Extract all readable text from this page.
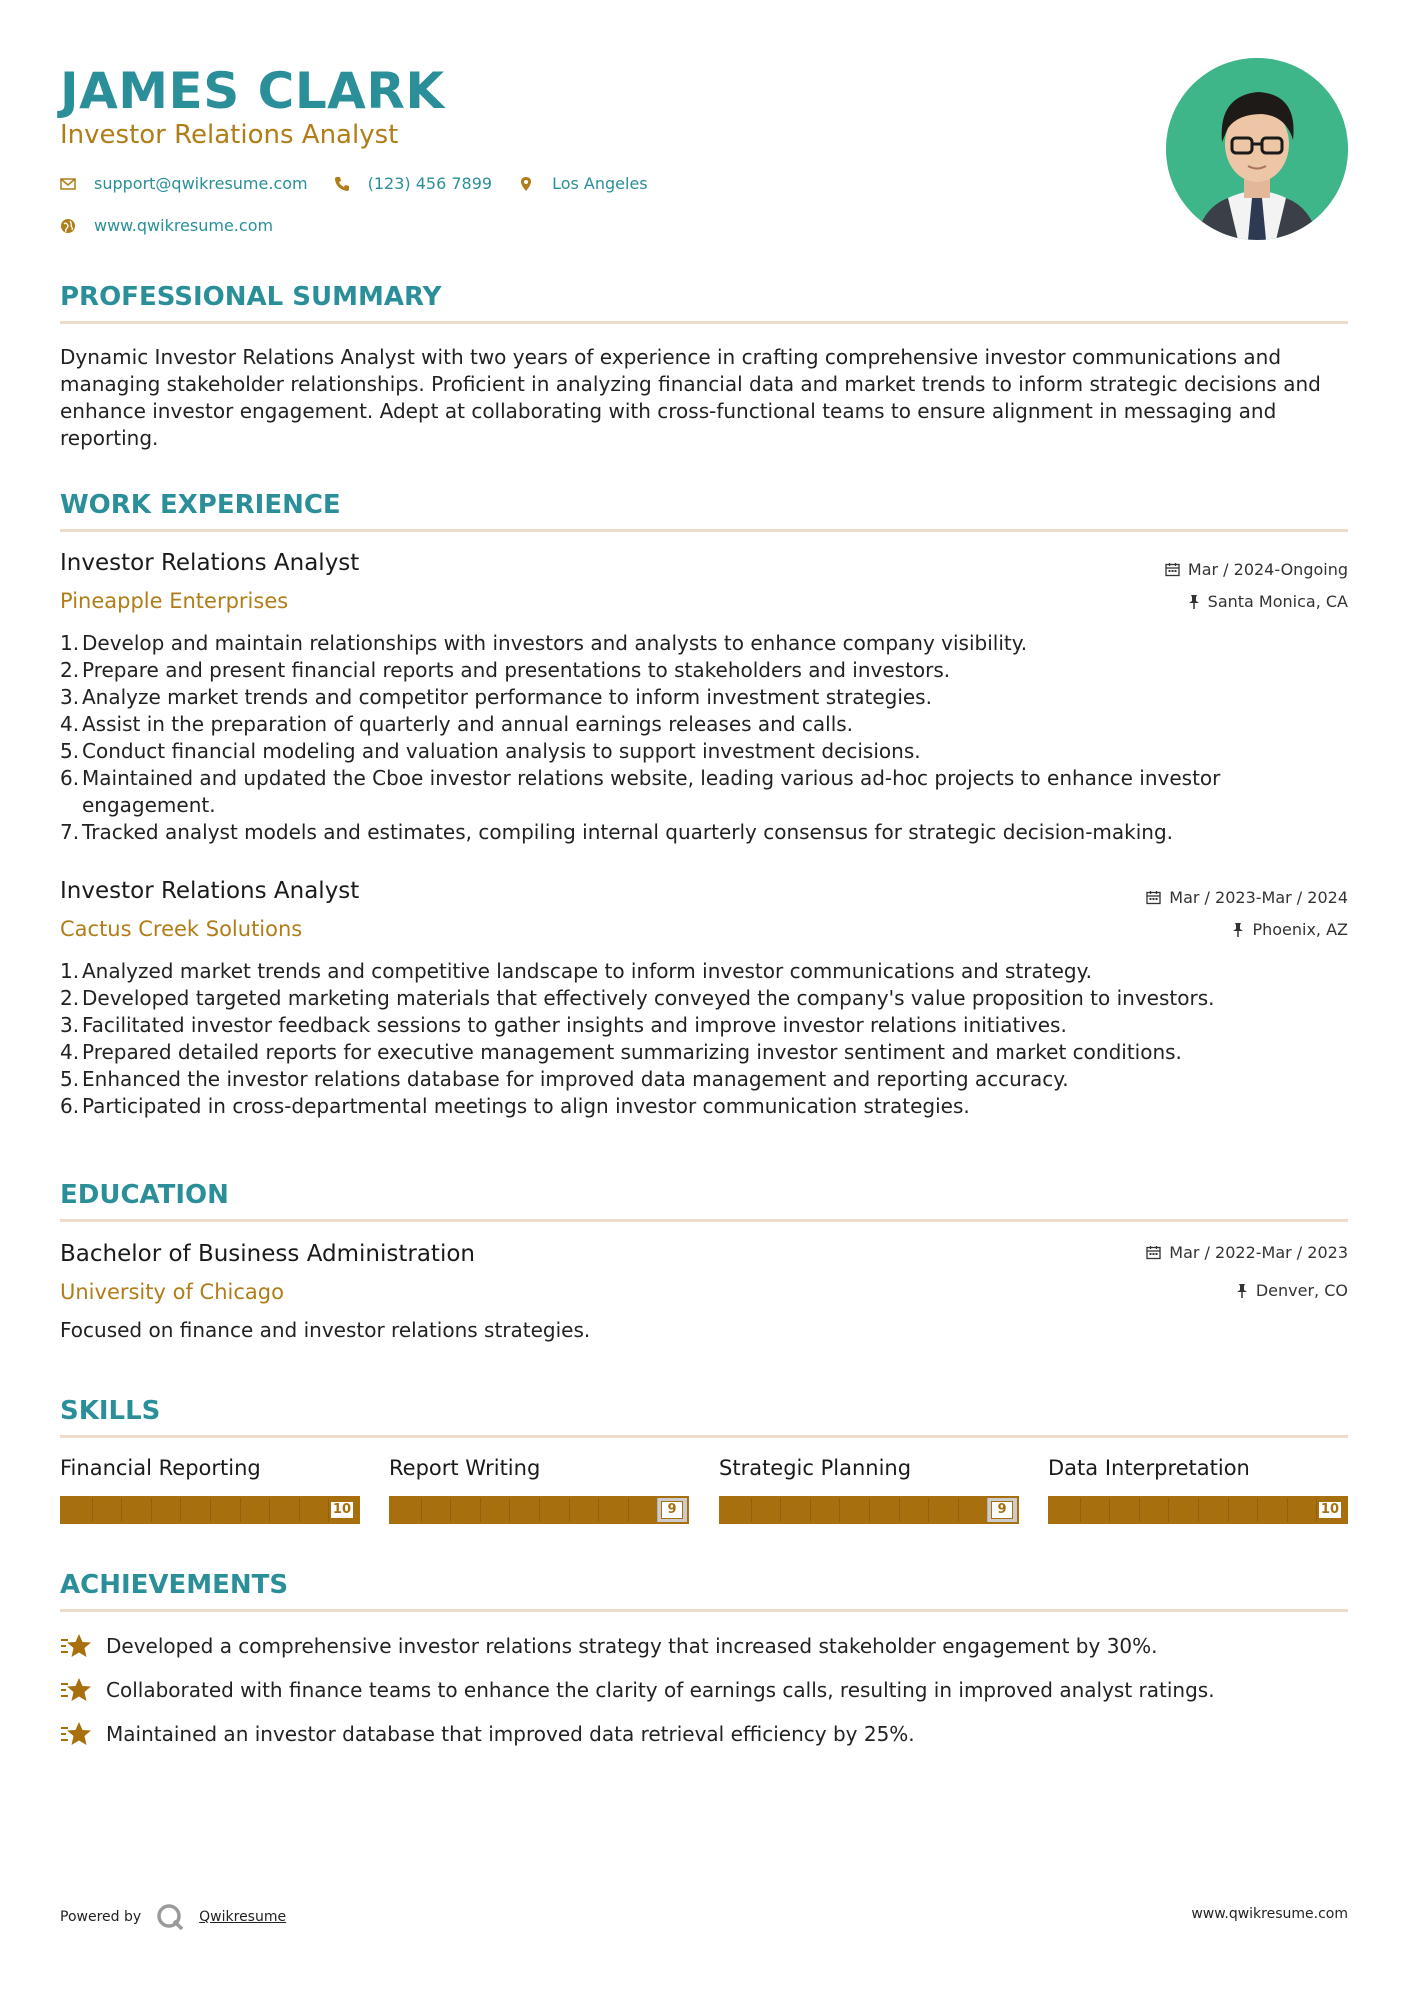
JAMES CLARK
Investor Relations Analyst
support@qwikresume.com	(123) 456 7899	Los Angeles
www.qwikresume.com
PROFESSIONAL SUMMARY
Dynamic Investor Relations Analyst with two years of experience in crafting comprehensive investor communications and managing stakeholder relationships. Proficient in analyzing financial data and market trends to inform strategic decisions and enhance investor engagement. Adept at collaborating with cross-functional teams to ensure alignment in messaging and reporting.
WORK EXPERIENCE
Investor Relations Analyst
Pineapple Enterprises
Mar / 2024-Ongoing
Santa Monica, CA
1. Develop and maintain relationships with investors and analysts to enhance company visibility.
2. Prepare and present financial reports and presentations to stakeholders and investors.
3. Analyze market trends and competitor performance to inform investment strategies.
4. Assist in the preparation of quarterly and annual earnings releases and calls.
5. Conduct financial modeling and valuation analysis to support investment decisions.
6. Maintained and updated the Cboe investor relations website, leading various ad-hoc projects to enhance investor engagement.
7. Tracked analyst models and estimates, compiling internal quarterly consensus for strategic decision-making.
Investor Relations Analyst
Cactus Creek Solutions
Mar / 2023-Mar / 2024
Phoenix, AZ
1. Analyzed market trends and competitive landscape to inform investor communications and strategy.
2. Developed targeted marketing materials that effectively conveyed the company's value proposition to investors.
3. Facilitated investor feedback sessions to gather insights and improve investor relations initiatives.
4. Prepared detailed reports for executive management summarizing investor sentiment and market conditions.
5. Enhanced the investor relations database for improved data management and reporting accuracy.
6. Participated in cross-departmental meetings to align investor communication strategies.
EDUCATION
Bachelor of Business Administration
University of Chicago
Mar / 2022-Mar / 2023
Denver, CO
Focused on finance and investor relations strategies.
SKILLS
Financial Reporting
10
Report Writing
9
Strategic Planning
9
Data Interpretation
10
ACHIEVEMENTS
Developed a comprehensive investor relations strategy that increased stakeholder engagement by 30%.
Collaborated with finance teams to enhance the clarity of earnings calls, resulting in improved analyst ratings.
Maintained an investor database that improved data retrieval efficiency by 25%.
Powered by	Qwikresume	www.qwikresume.com
